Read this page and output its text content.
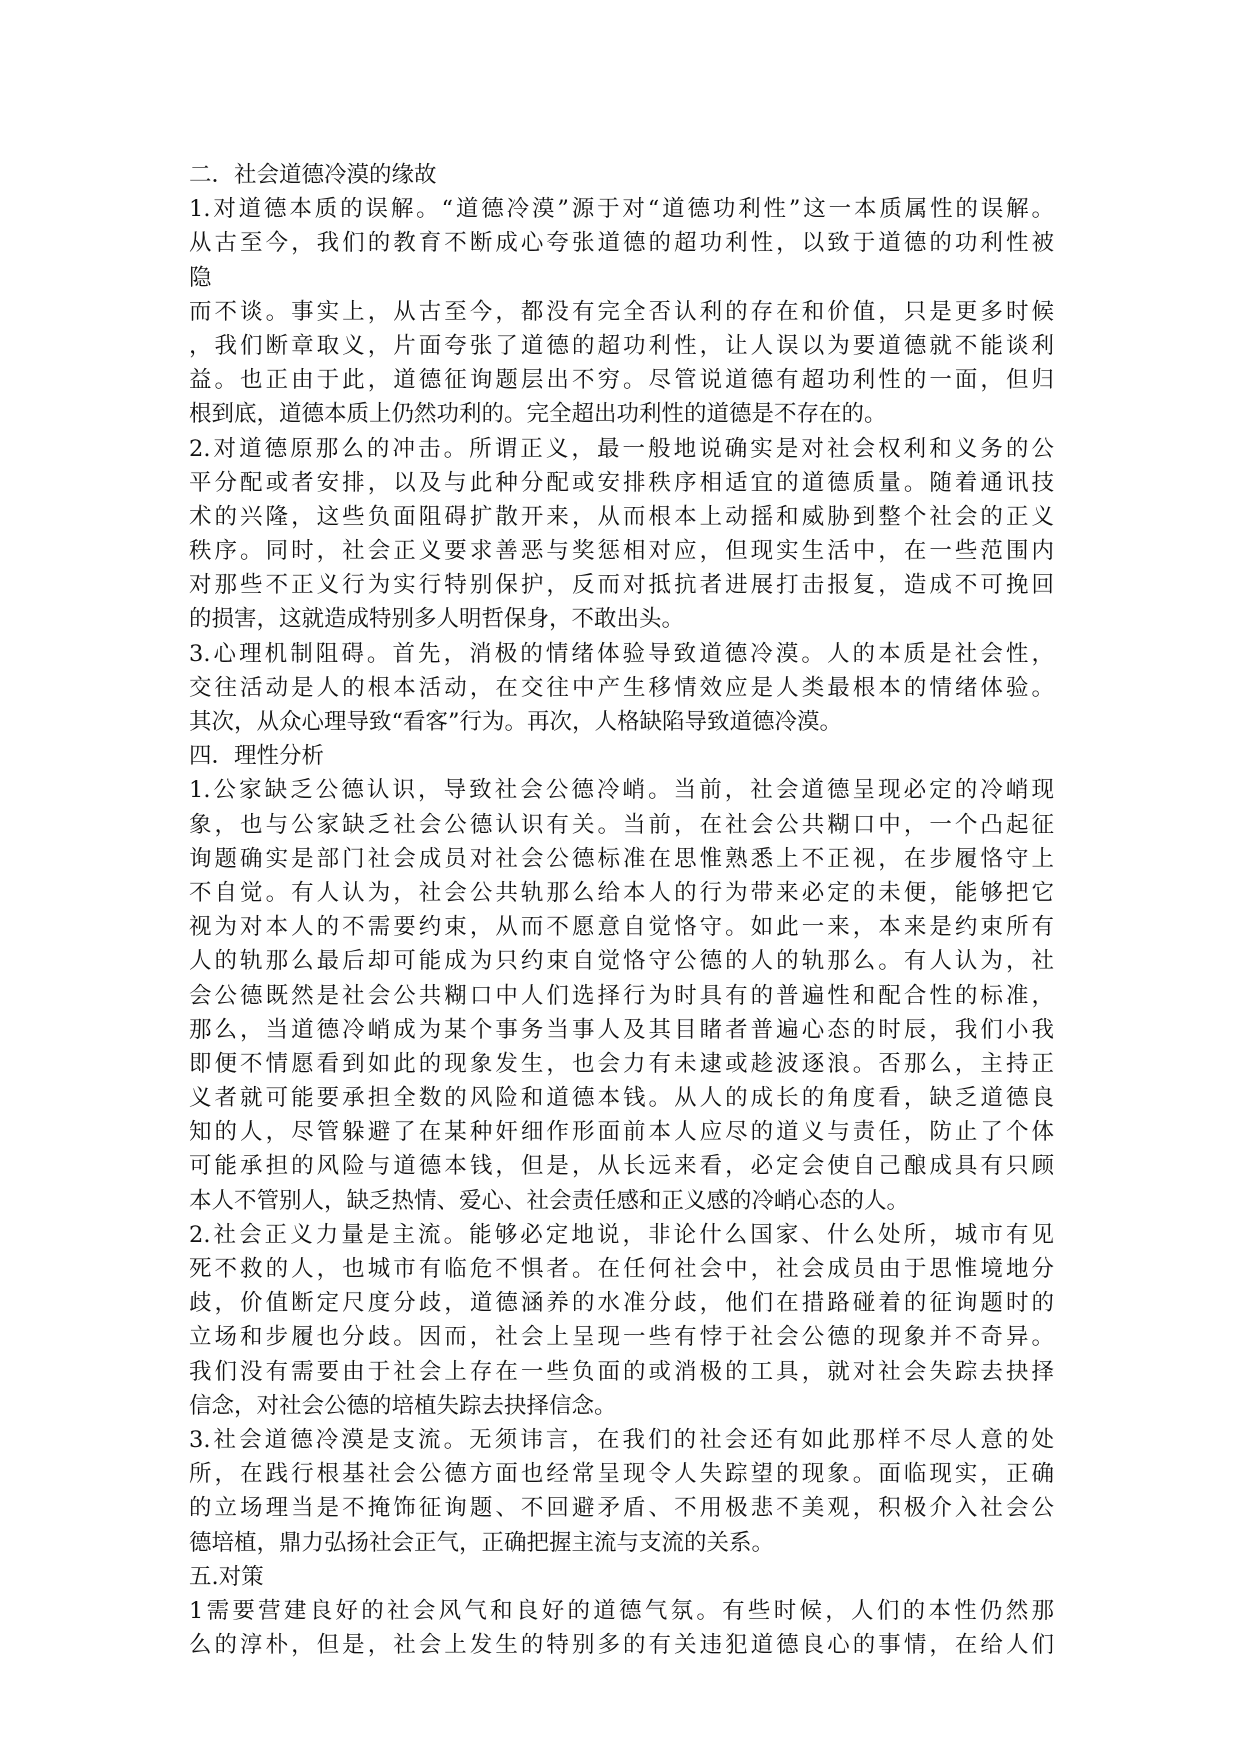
二．社会道德冷漠的缘故
1.对道德本质的误解。“道德冷漠”源于对“道德功利性”这一本质属性的误解。
从古至今，我们的教育不断成心夸张道德的超功利性，以致于道德的功利性被
隐
而不谈。事实上，从古至今，都没有完全否认利的存在和价值，只是更多时候
，我们断章取义，片面夸张了道德的超功利性，让人误以为要道德就不能谈利
益。也正由于此，道德征询题层出不穷。尽管说道德有超功利性的一面，但归
根到底，道德本质上仍然功利的。完全超出功利性的道德是不存在的。
2.对道德原那么的冲击。所谓正义，最一般地说确实是对社会权利和义务的公
平分配或者安排，以及与此种分配或安排秩序相适宜的道德质量。随着通讯技
术的兴隆，这些负面阻碍扩散开来，从而根本上动摇和威胁到整个社会的正义
秩序。同时，社会正义要求善恶与奖惩相对应，但现实生活中，在一些范围内
对那些不正义行为实行特别保护，反而对抵抗者进展打击报复，造成不可挽回
的损害，这就造成特别多人明哲保身，不敢出头。
3.心理机制阻碍。首先，消极的情绪体验导致道德冷漠。人的本质是社会性，
交往活动是人的根本活动，在交往中产生移情效应是人类最根本的情绪体验。
其次，从众心理导致“看客”行为。再次，人格缺陷导致道德冷漠。
四．理性分析
1.公家缺乏公德认识，导致社会公德冷峭。当前，社会道德呈现必定的冷峭现
象，也与公家缺乏社会公德认识有关。当前，在社会公共糊口中，一个凸起征
询题确实是部门社会成员对社会公德标准在思惟熟悉上不正视，在步履恪守上
不自觉。有人认为，社会公共轨那么给本人的行为带来必定的未便，能够把它
视为对本人的不需要约束，从而不愿意自觉恪守。如此一来，本来是约束所有
人的轨那么最后却可能成为只约束自觉恪守公德的人的轨那么。有人认为，社
会公德既然是社会公共糊口中人们选择行为时具有的普遍性和配合性的标准，
那么，当道德冷峭成为某个事务当事人及其目睹者普遍心态的时辰，我们小我
即便不情愿看到如此的现象发生，也会力有未逮或趁波逐浪。否那么，主持正
义者就可能要承担全数的风险和道德本钱。从人的成长的角度看，缺乏道德良
知的人，尽管躲避了在某种奸细作形面前本人应尽的道义与责任，防止了个体
可能承担的风险与道德本钱，但是，从长远来看，必定会使自己酿成具有只顾
本人不管别人，缺乏热情、爱心、社会责任感和正义感的冷峭心态的人。
2.社会正义力量是主流。能够必定地说，非论什么国家、什么处所，城市有见
死不救的人，也城市有临危不惧者。在任何社会中，社会成员由于思惟境地分
歧，价值断定尺度分歧，道德涵养的水准分歧，他们在措路碰着的征询题时的
立场和步履也分歧。因而，社会上呈现一些有悖于社会公德的现象并不奇异。
我们没有需要由于社会上存在一些负面的或消极的工具，就对社会失踪去抉择
信念，对社会公德的培植失踪去抉择信念。
3.社会道德冷漠是支流。无须讳言，在我们的社会还有如此那样不尽人意的处
所，在践行根基社会公德方面也经常呈现令人失踪望的现象。面临现实，正确
的立场理当是不掩饰征询题、不回避矛盾、不用极悲不美观，积极介入社会公
德培植，鼎力弘扬社会正气，正确把握主流与支流的关系。
五.对策
1需要营建良好的社会风气和良好的道德气氛。有些时候，人们的本性仍然那
么的淳朴，但是，社会上发生的特别多的有关违犯道德良心的事情，在给人们
